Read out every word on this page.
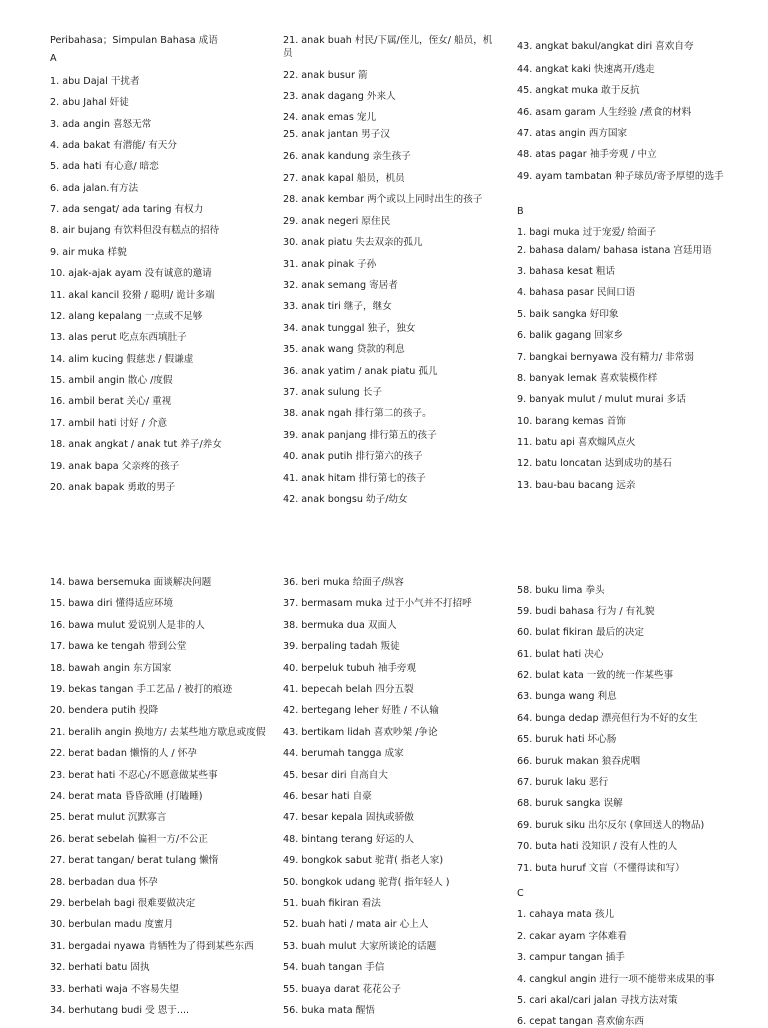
Peribahasa；Simpulan Bahasa 成语
A
1. abu Dajal 干扰者
2. abu Jahal 奸徒
3. ada angin 喜怒无常
4. ada bakat 有潜能/ 有天分
5. ada hati 有心意/ 暗恋
6. ada jalan.有方法
7. ada sengat/ ada taring 有权力
8. air bujang 有饮料但没有糕点的招待
9. air muka 样貌
10. ajak-ajak ayam 没有诚意的邀请
11. akal kancil 狡猾 / 聪明/ 诡计多端
12. alang kepalang 一点或不足够
13. alas perut 吃点东西填肚子
14. alim kucing 假慈悲 / 假谦虚
15. ambil angin 散心 /度假
16. ambil berat 关心/ 重视
17. ambil hati 讨好 / 介意
18. anak angkat / anak tut 养子/养女
19. anak bapa 父亲疼的孩子
20. anak bapak 勇敢的男子
21. anak buah 村民/下属/侄儿，侄女/ 船员，机员
22. anak busur 箭
23. anak dagang 外来人
24. anak emas 宠儿
25. anak jantan 男子汉
26. anak kandung 亲生孩子
27. anak kapal 船员，机员
28. anak kembar 两个或以上同时出生的孩子
29. anak negeri 原住民
30. anak piatu 失去双亲的孤儿
31. anak pinak 子孙
32. anak semang 寄居者
33. anak tiri 继子，继女
34. anak tunggal 独子，独女
35. anak wang 贷款的利息
36. anak yatim / anak piatu 孤儿
37. anak sulung 长子
38. anak ngah 排行第二的孩子。
39. anak panjang 排行第五的孩子
40. anak putih 排行第六的孩子
41. anak hitam 排行第七的孩子
42. anak bongsu 幼子/幼女
43. angkat bakul/angkat diri 喜欢自夸
44. angkat kaki 快速离开/逃走
45. angkat muka 敢于反抗
46. asam garam 人生经验 /煮食的材料
47. atas angin 西方国家
48. atas pagar 袖手旁观 / 中立
49. ayam tambatan 种子球员/寄予厚望的选手
B
1. bagi muka 过于宠爱/ 给面子
2. bahasa dalam/ bahasa istana 宫廷用语
3. bahasa kesat 粗话
4. bahasa pasar 民间口语
5. baik sangka 好印象
6. balik gagang 回家乡
7. bangkai bernyawa 没有精力/ 非常弱
8. banyak lemak 喜欢装模作样
9. banyak mulut / mulut murai 多话
10. barang kemas 首饰
11. batu api 喜欢煽风点火
12. batu loncatan 达到成功的基石
13. bau-bau bacang 远亲
14. bawa bersemuka 面谈解决问题
15. bawa diri 懂得适应环境
16. bawa mulut 爱说别人是非的人
17. bawa ke tengah 带到公堂
18. bawah angin 东方国家
19. bekas tangan 手工艺品 / 被打的痕迹
20. bendera putih 投降
21. beralih angin 换地方/ 去某些地方歇息或度假
22. berat badan 懒惰的人 / 怀孕
23. berat hati 不忍心/不愿意做某些事
24. berat mata 昏昏欲睡 (打瞌睡)
25. berat mulut 沉默寡言
26. berat sebelah 偏袒一方/不公正
27. berat tangan/ berat tulang 懒惰
28. berbadan dua 怀孕
29. berbelah bagi 很难要做决定
30. berbulan madu 度蜜月
31. bergadai nyawa 肯牺牲为了得到某些东西
32. berhati batu 固执
33. berhati waja 不容易失望
34. berhutang budi 受 恩于....
36. beri muka 给面子/纵容
37. bermasam muka 过于小气并不打招呼
38. bermuka dua 双面人
39. berpaling tadah 叛徒
40. berpeluk tubuh 袖手旁观
41. bepecah belah 四分五裂
42. bertegang leher 好胜 / 不认输
43. bertikam lidah 喜欢吵架 /争论
44. berumah tangga 成家
45. besar diri 自高自大
46. besar hati 自豪
47. besar kepala 固执或骄傲
48. bintang terang 好运的人
49. bongkok sabut 驼背( 指老人家)
50. bongkok udang 驼背( 指年轻人 )
51. buah fikiran 看法
52. buah hati / mata air 心上人
53. buah mulut 大家所谈论的话题
54. buah tangan 手信
55. buaya darat 花花公子
56. buka mata 醒悟
58. buku lima 拳头
59. budi bahasa 行为 / 有礼貌
60. bulat fikiran 最后的决定
61. bulat hati 决心
62. bulat kata 一致的统一作某些事
63. bunga wang 利息
64. bunga dedap 漂亮但行为不好的女生
65. buruk hati 坏心肠
66. buruk makan 狼吞虎咽
67. buruk laku 恶行
68. buruk sangka 误解
69. buruk siku 出尔反尔 (拿回送人的物品)
70. buta hati 没知识 / 没有人性的人
71. buta huruf 文盲（不懂得读和写）
C
1. cahaya mata 孩儿
2. cakar ayam 字体难看
3. campur tangan 插手
4. cangkul angin 进行一项不能带来成果的事
5. cari akal/cari jalan 寻找方法对策
6. cepat tangan 喜欢偷东西
